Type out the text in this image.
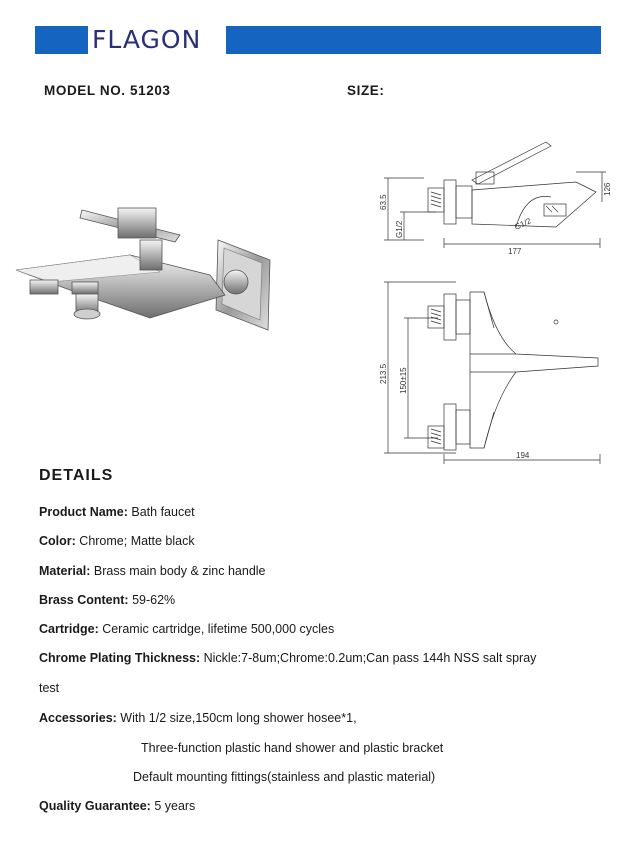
FLAGON
MODEL NO. 51203	SIZE:
63.5
G1/2	G1/2
126
177
213.5 150±15
194
DETAILS
Product Name: Bath faucet
Color: Chrome; Matte black
Material: Brass main body & zinc handle
Brass Content: 59-62%
Cartridge: Ceramic cartridge, lifetime 500,000 cycles
Chrome Plating Thickness: Nickle:7-8um;Chrome:0.2um;Can pass 144h NSS salt spray
test
Accessories: With 1/2 size,150cm long shower hosee*1,
Three-function plastic hand shower and plastic bracket
Default mounting fittings(stainless and plastic material)
Quality Guarantee: 5 years
